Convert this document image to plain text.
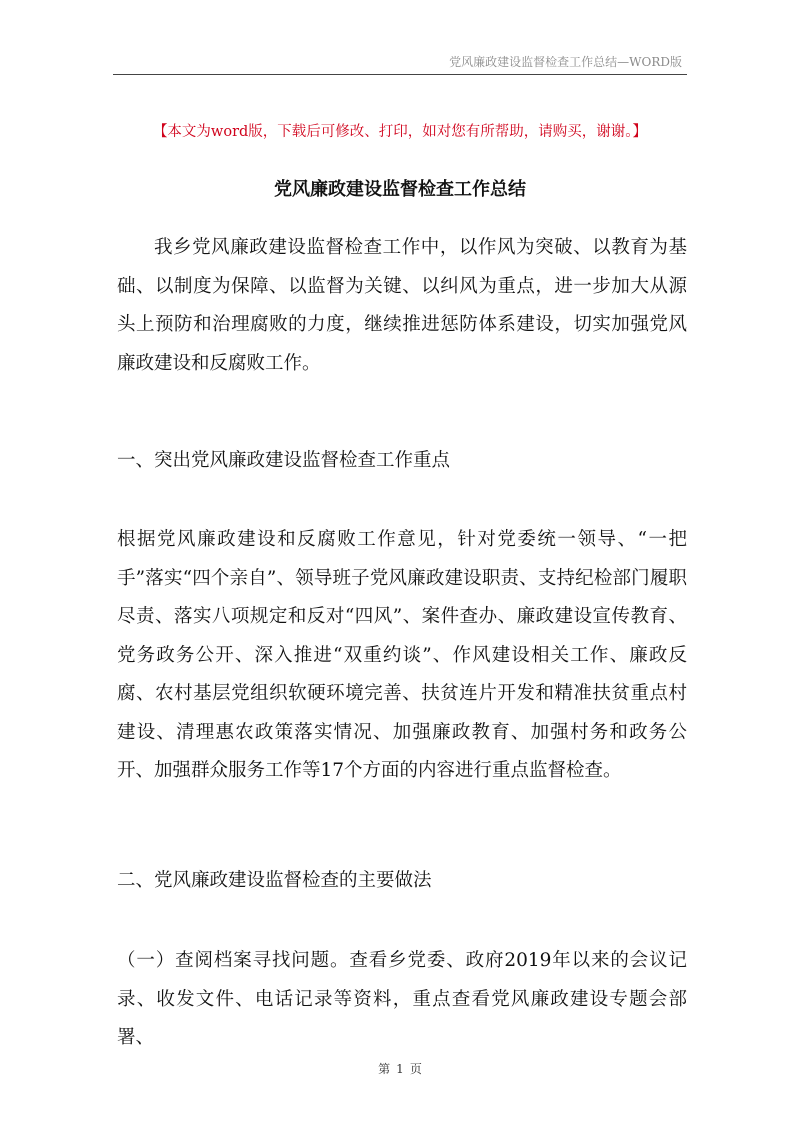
党风廉政建设监督检查工作总结—WORD版
【本文为word版，下载后可修改、打印，如对您有所帮助，请购买，谢谢。】
党风廉政建设监督检查工作总结
我乡党风廉政建设监督检查工作中，以作风为突破、以教育为基础、以制度为保障、以监督为关键、以纠风为重点，进一步加大从源头上预防和治理腐败的力度，继续推进惩防体系建设，切实加强党风廉政建设和反腐败工作。
一、突出党风廉政建设监督检查工作重点
根据党风廉政建设和反腐败工作意见，针对党委统一领导、“一把手”落实“四个亲自”、领导班子党风廉政建设职责、支持纪检部门履职尽责、落实八项规定和反对“四风”、案件查办、廉政建设宣传教育、党务政务公开、深入推进“双重约谈”、作风建设相关工作、廉政反腐、农村基层党组织软硬环境完善、扶贫连片开发和精准扶贫重点村建设、清理惠农政策落实情况、加强廉政教育、加强村务和政务公开、加强群众服务工作等17个方面的内容进行重点监督检查。
二、党风廉政建设监督检查的主要做法
（一）查阅档案寻找问题。查看乡党委、政府2019年以来的会议记录、收发文件、电话记录等资料，重点查看党风廉政建设专题会部署、
第 1 页
